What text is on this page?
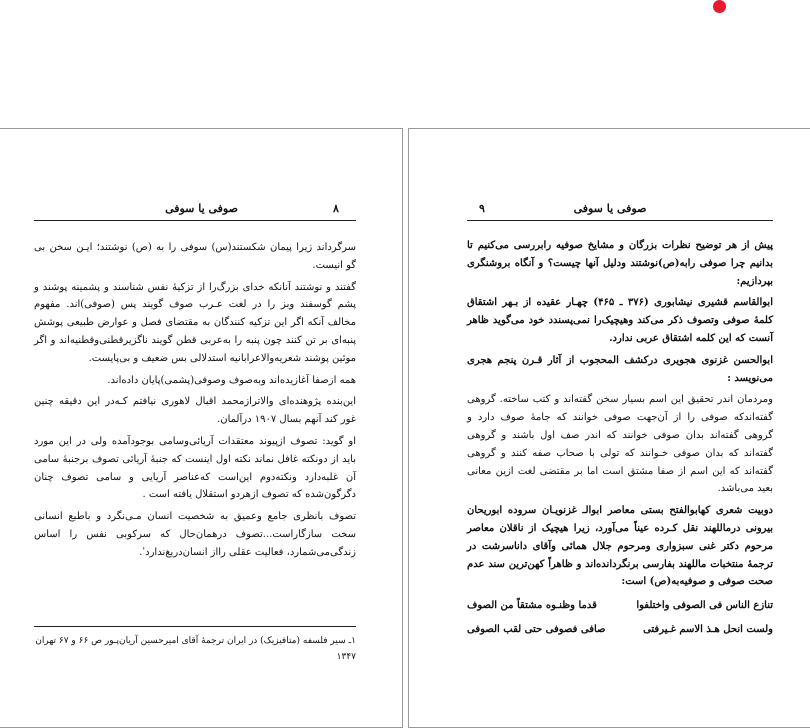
۸
صوفی یا سوفی

سرگرداند زیرا پیمان شکستند(س) سوفی را به (ص) نوشتند؛ ایـن سخن بی گو انیست.

گفتند و نوشتند آنانکه خدای بزرگ‌را از تزکیهٔ نفس شناسند و پشمینه پوشند و پشم گوسفند وبز را در لغت عـرب صوف گویند پس (صوفی)اند. مفهوم مخالف آنکه اگر این تزکیه کنندگان به مقتضای فصل و عوارض طبیعی پوشش پنبه‌ای بر تن کنند چون پنبه را به‌عربی قطن گویند ناگزیرقطنی‌وقطنیه‌اند و اگر موئین پوشند شعریه‌والاعرابانیه استدلالی بس ضعیف و بی‌پایست.

همه ازصفا آغازیده‌اند وبه‌صوف وصوفی(پشمی)پایان داده‌اند.

این‌بنده پژوهنده‌ای والاترازمحمد اقبال لاهوری نیافتم کـه‌در این دقیقه چنین غور کند آنهم بسال ۱۹۰۷ درآلمان.

او گوید: تصوف ازپیوند معتقدات آریائی‌وسامی بوجودآمده ولی در این مورد باید از دونکته غافل نماند نکته اول اینست که جنبهٔ آریائی تصوف برجنبهٔ سامی آن غلبه‌دارد ونکته‌دوم این‌است که‌عناصر آریایی و سامی تصوف چنان دگرگون‌شده که تصوف ازهردو استقلال یافته است .

تصوف بانظری جامع وعمیق به شخصیت انسان مـی‌نگرد و باطبع انسانی سخت سازگاراست...تصوف درهمان‌حال که سرکوبی نفس را اساس زندگی‌می‌شمارد، فعالیت عقلی رااز انسان‌دریغ‌نداردˈ.

۱ـ سیر فلسفه (متافیزیک) در ایران ترجمهٔ آقای امیرحسین آریان‌پـور ص ۶۶ و ۶۷ تهران ۱۳۴۷
۹	صوفی یا سوفی

پیش از هر توضیح نظرات بزرگان و مشایخ صوفیه رابررسی می‌کنیم تا بدانیم چرا صوفی رابه(ص)نوشتند ودلیل آنها چیست؟ و آنگاه بروشنگری بپردازیم:

ابوالقاسم قشیری نیشابوری (۳۷۶ ـ ۴۶۵) چهـار عقیده از بـهر اشتقاق کلمهٔ صوفی وتصوف ذکر می‌کند وهیچیک‌را نمی‌پسندد خود می‌گوید ظاهر آنست که این کلمه اشتقاق عربی ندارد.

ابوالحسن غزنوی هجویری درکشف المحجوب از آثار قـرن پنجم هجری می‌نویسد :

ومردمان اندر تحقیق این اسم بسیار سخن گفته‌اند و کتب ساخته. گروهی گفته‌اندکه صوفی را از آن‌جهت صوفی خوانند که جامهٔ صوف دارد و گروهی گفته‌اند بدان صوفی خوانند که اندر صف اول باشند و گروهی گفته‌اند که بدان صوفی خـوانند که تولی با صحاب صفه کنند و گروهی گفته‌اند که این اسم از صفا مشتق است اما بر مقتضی لغت ازین معانی بعید می‌باشد.

دوبیت شعری کهابوالفتح بستی معاصر ابوالـ غزنویـان سروده ابوریحان بیرونی درماللهند نقل کـرده عیناً می‌آورد، زیرا هیچیک از ناقلان معاصر مرحوم دکتر غنی سبزواری ومرحوم جلال همائی وآقای داناسرشت در ترجمهٔ منتخبات ماللهند بفارسی برنگردانده‌اند و ظاهراً کهن‌ترین سند عدم صحت صوفی و صوفیه‌به(ص) است:

تنازع الناس فی الصوفی واختلفوا
قدما وظنـوه مشتقاً من الصوف
ولست انحل هـذ الاسم غـیرفتی
صافی فصوفی حتی لقب الصوفی
